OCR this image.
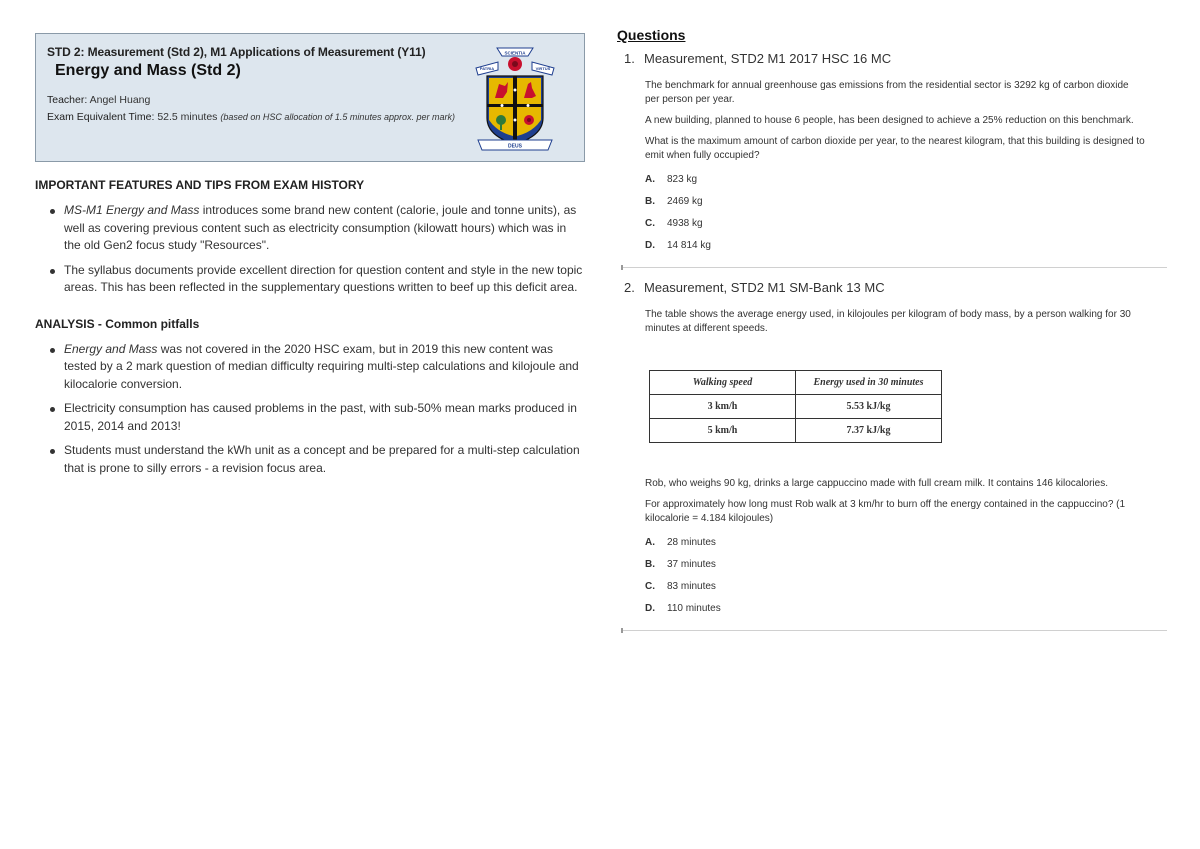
STD 2: Measurement (Std 2), M1 Applications of Measurement (Y11)
Energy and Mass (Std 2)
Teacher: Angel Huang
Exam Equivalent Time: 52.5 minutes (based on HSC allocation of 1.5 minutes approx. per mark)
SCIENTIA
PATRIA	VIRTUS
DEUS
IMPORTANT FEATURES AND TIPS FROM EXAM HISTORY
MS-M1 Energy and Mass introduces some brand new content (calorie, joule and tonne units), as well as covering previous content such as electricity consumption (kilowatt hours) which was in the old Gen2 focus study "Resources".
The syllabus documents provide excellent direction for question content and style in the new topic areas. This has been reflected in the supplementary questions written to beef up this deficit area.
ANALYSIS - Common pitfalls
Energy and Mass was not covered in the 2020 HSC exam, but in 2019 this new content was tested by a 2 mark question of median difficulty requiring multi-step calculations and kilojoule and kilocalorie conversion.
Electricity consumption has caused problems in the past, with sub-50% mean marks produced in 2015, 2014 and 2013!
Students must understand the kWh unit as a concept and be prepared for a multi-step calculation that is prone to silly errors - a revision focus area.
Questions
1. Measurement, STD2 M1 2017 HSC 16 MC

The benchmark for annual greenhouse gas emissions from the residential sector is 3292 kg of carbon dioxide per person per year.

A new building, planned to house 6 people, has been designed to achieve a 25% reduction on this benchmark.

What is the maximum amount of carbon dioxide per year, to the nearest kilogram, that this building is designed to emit when fully occupied?

A. 823 kg
B. 2469 kg
C. 4938 kg
D. 14 814 kg
2. Measurement, STD2 M1 SM-Bank 13 MC

The table shows the average energy used, in kilojoules per kilogram of body mass, by a person walking for 30 minutes at different speeds.

Walking speed	Energy used in 30 minutes
3 km/h	5.53 kJ/kg
5 km/h	7.37 kJ/kg

Rob, who weighs 90 kg, drinks a large cappuccino made with full cream milk. It contains 146 kilocalories.

For approximately how long must Rob walk at 3 km/hr to burn off the energy contained in the cappuccino? (1 kilocalorie = 4.184 kilojoules)

A. 28 minutes
B. 37 minutes
C. 83 minutes
D. 110 minutes
